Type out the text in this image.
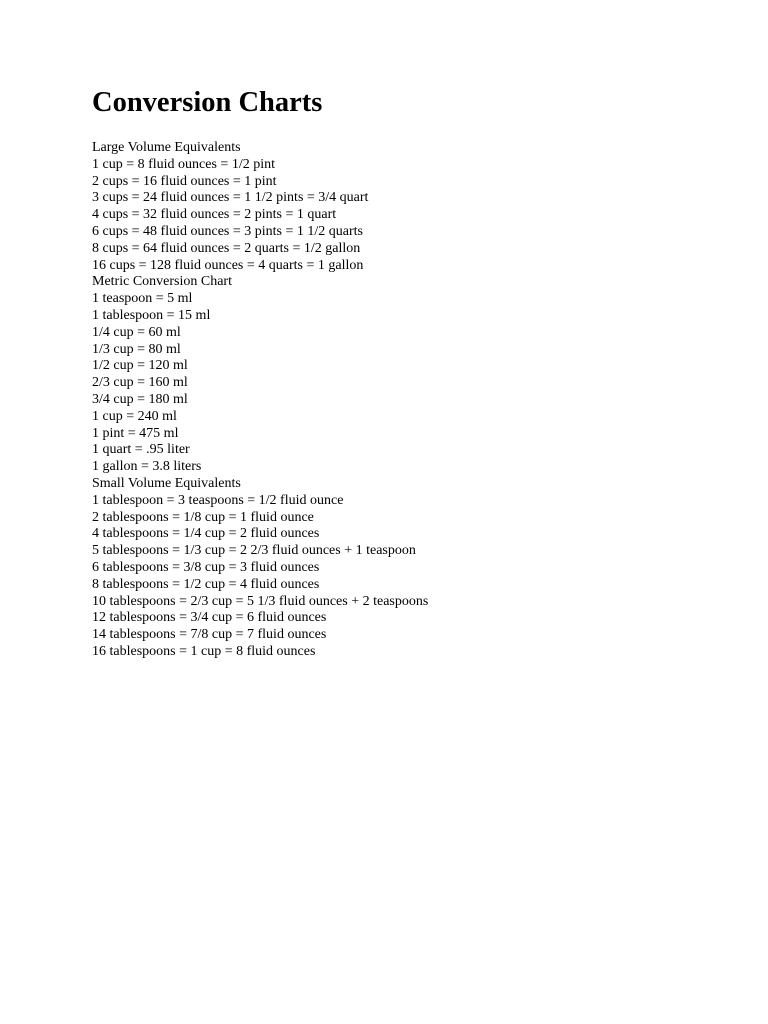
Conversion Charts
Large Volume Equivalents
1 cup = 8 fluid ounces = 1/2 pint
2 cups = 16 fluid ounces = 1 pint
3 cups = 24 fluid ounces = 1 1/2 pints = 3/4 quart
4 cups = 32 fluid ounces = 2 pints = 1 quart
6 cups = 48 fluid ounces = 3 pints = 1 1/2 quarts
8 cups = 64 fluid ounces = 2 quarts = 1/2 gallon
16 cups = 128 fluid ounces = 4 quarts = 1 gallon
Metric Conversion Chart
1 teaspoon = 5 ml
1 tablespoon = 15 ml
1/4 cup = 60 ml
1/3 cup = 80 ml
1/2 cup = 120 ml
2/3 cup = 160 ml
3/4 cup = 180 ml
1 cup = 240 ml
1 pint = 475 ml
1 quart = .95 liter
1 gallon = 3.8 liters
Small Volume Equivalents
1 tablespoon = 3 teaspoons = 1/2 fluid ounce
2 tablespoons = 1/8 cup = 1 fluid ounce
4 tablespoons = 1/4 cup = 2 fluid ounces
5 tablespoons = 1/3 cup = 2 2/3 fluid ounces + 1 teaspoon
6 tablespoons = 3/8 cup = 3 fluid ounces
8 tablespoons = 1/2 cup = 4 fluid ounces
10 tablespoons = 2/3 cup = 5 1/3 fluid ounces + 2 teaspoons
12 tablespoons = 3/4 cup = 6 fluid ounces
14 tablespoons = 7/8 cup = 7 fluid ounces
16 tablespoons = 1 cup = 8 fluid ounces
